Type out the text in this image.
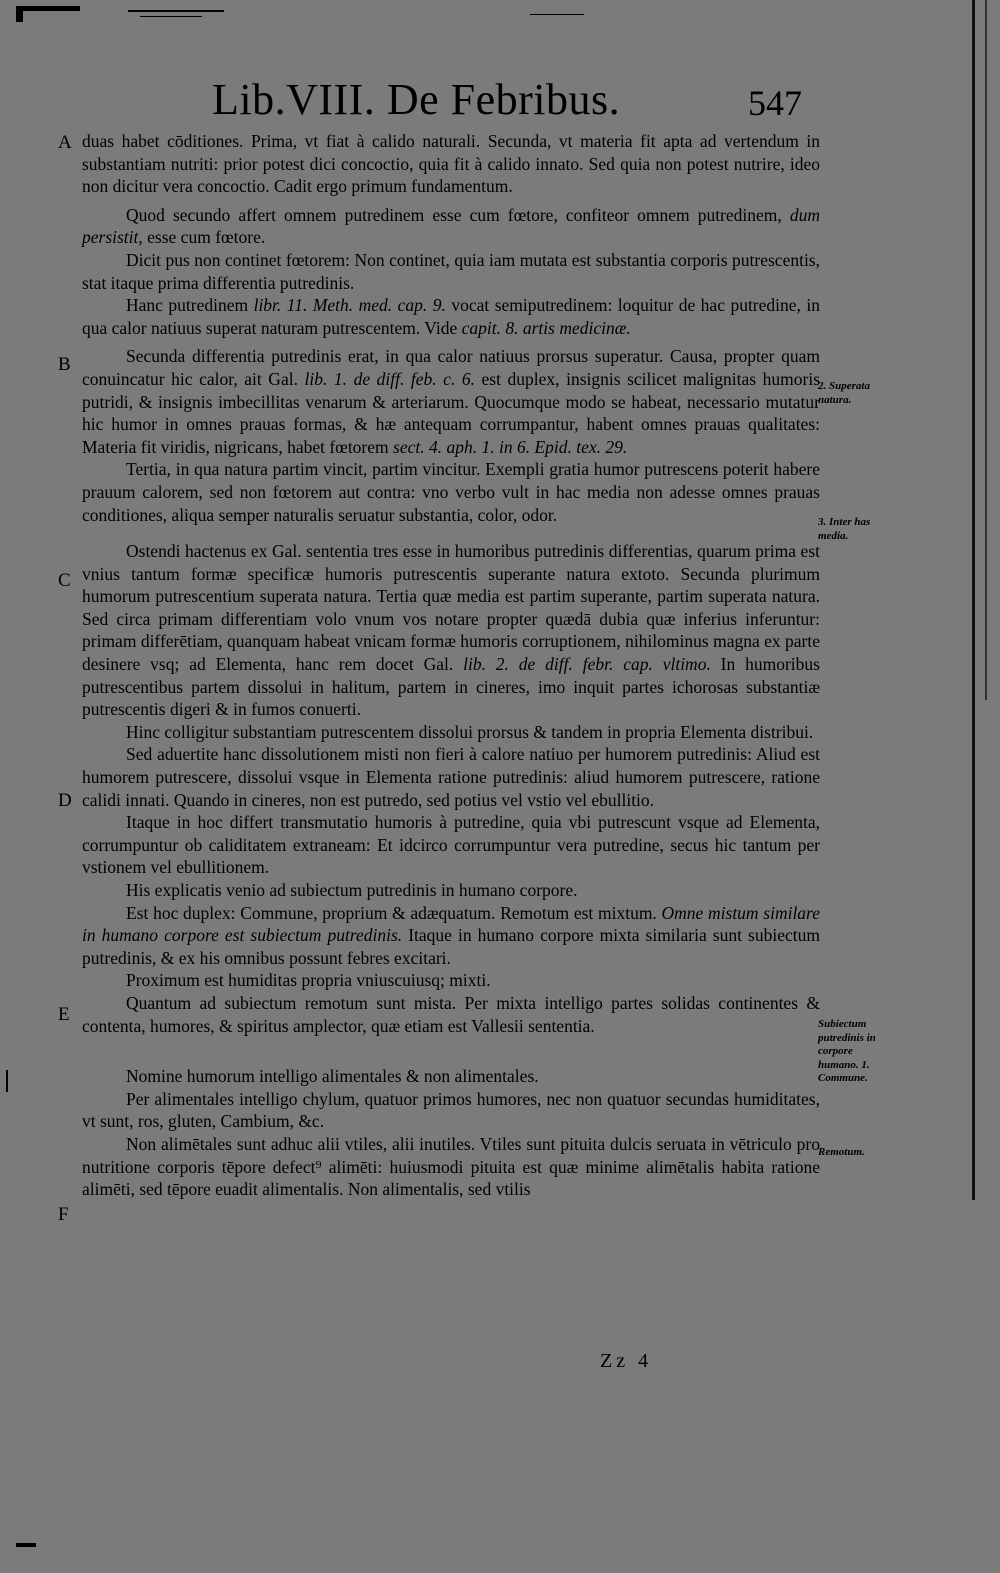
Lib.VIII. De Febribus.	547
A
B
C
D
E
F
2. Superata natura.
3. Inter has media.
Subiectum putredinis in corpore humano. 1. Commune.
Remotum.

duas habet cōditiones. Prima, vt fiat à calido naturali. Secunda, vt materia fit apta ad vertendum in substantiam nutriti: prior potest dici concoctio, quia fit à calido innato. Sed quia non potest nutrire, ideo non dicitur vera concoctio. Cadit ergo primum fundamentum.

Quod secundo affert omnem putredinem esse cum fœtore, confiteor omnem putredinem, dum persistit, esse cum fœtore.

Dicit pus non continet fœtorem: Non continet, quia iam mutata est substantia corporis putrescentis, stat itaque prima differentia putredinis.

Hanc putredinem libr. 11. Meth. med. cap. 9. vocat semiputredinem: loquitur de hac putredine, in qua calor natiuus superat naturam putrescentem. Vide capit. 8. artis medicinæ.

Secunda differentia putredinis erat, in qua calor natiuus prorsus superatur. Causa, propter quam conuincatur hic calor, ait Gal. lib. 1. de diff. feb. c. 6. est duplex, insignis scilicet malignitas humoris putridi, & insignis imbecillitas venarum & arteriarum. Quocumque modo se habeat, necessario mutatur hic humor in omnes prauas formas, & hæ antequam corrumpantur, habent omnes prauas qualitates: Materia fit viridis, nigricans, habet fœtorem sect. 4. aph. 1. in 6. Epid. tex. 29.

Tertia, in qua natura partim vincit, partim vincitur. Exempli gratia humor putrescens poterit habere prauum calorem, sed non fœtorem aut contra: vno verbo vult in hac media non adesse omnes prauas conditiones, aliqua semper naturalis seruatur substantia, color, odor.

Ostendi hactenus ex Gal. sententia tres esse in humoribus putredinis differentias, quarum prima est vnius tantum formæ specificæ humoris putrescentis superante natura extoto. Secunda plurimum humorum putrescentium superata natura. Tertia quæ media est partim superante, partim superata natura. Sed circa primam differentiam volo vnum vos notare propter quædā dubia quæ inferius inferuntur: primam differētiam, quanquam habeat vnicam formæ humoris corruptionem, nihilominus magna ex parte desinere vsq; ad Elementa, hanc rem docet Gal. lib. 2. de diff. febr. cap. vltimo. In humoribus putrescentibus partem dissolui in halitum, partem in cineres, imo inquit partes ichorosas substantiæ putrescentis digeri & in fumos conuerti.

Hinc colligitur substantiam putrescentem dissolui prorsus & tandem in propria Elementa distribui.

Sed aduertite hanc dissolutionem misti non fieri à calore natiuo per humorem putredinis: Aliud est humorem putrescere, dissolui vsque in Elementa ratione putredinis: aliud humorem putrescere, ratione calidi innati. Quando in cineres, non est putredo, sed potius vel vstio vel ebullitio.

Itaque in hoc differt transmutatio humoris à putredine, quia vbi putrescunt vsque ad Elementa, corrumpuntur ob caliditatem extraneam: Et idcirco corrumpuntur vera putredine, secus hic tantum per vstionem vel ebullitionem.

His explicatis venio ad subiectum putredinis in humano corpore.

Est hoc duplex: Commune, proprium & adæquatum. Remotum est mixtum. Omne mistum similare in humano corpore est subiectum putredinis. Itaque in humano corpore mixta similaria sunt subiectum putredinis, & ex his omnibus possunt febres excitari.

Proximum est humiditas propria vniuscuiusq; mixti.

Quantum ad subiectum remotum sunt mista. Per mixta intelligo partes solidas continentes & contenta, humores, & spiritus amplector, quæ etiam est Vallesii sententia.

Nomine humorum intelligo alimentales & non alimentales.

Per alimentales intelligo chylum, quatuor primos humores, nec non quatuor secundas humiditates, vt sunt, ros, gluten, Cambium, &c.

Non alimētales sunt adhuc alii vtiles, alii inutiles. Vtiles sunt pituita dulcis seruata in vētriculo pro nutritione corporis tēpore defect⁹ alimēti: huiusmodi pituita est quæ minime alimētalis habita ratione alimēti, sed tēpore euadit alimentalis. Non alimentalis, sed vtilis

Zz 4
